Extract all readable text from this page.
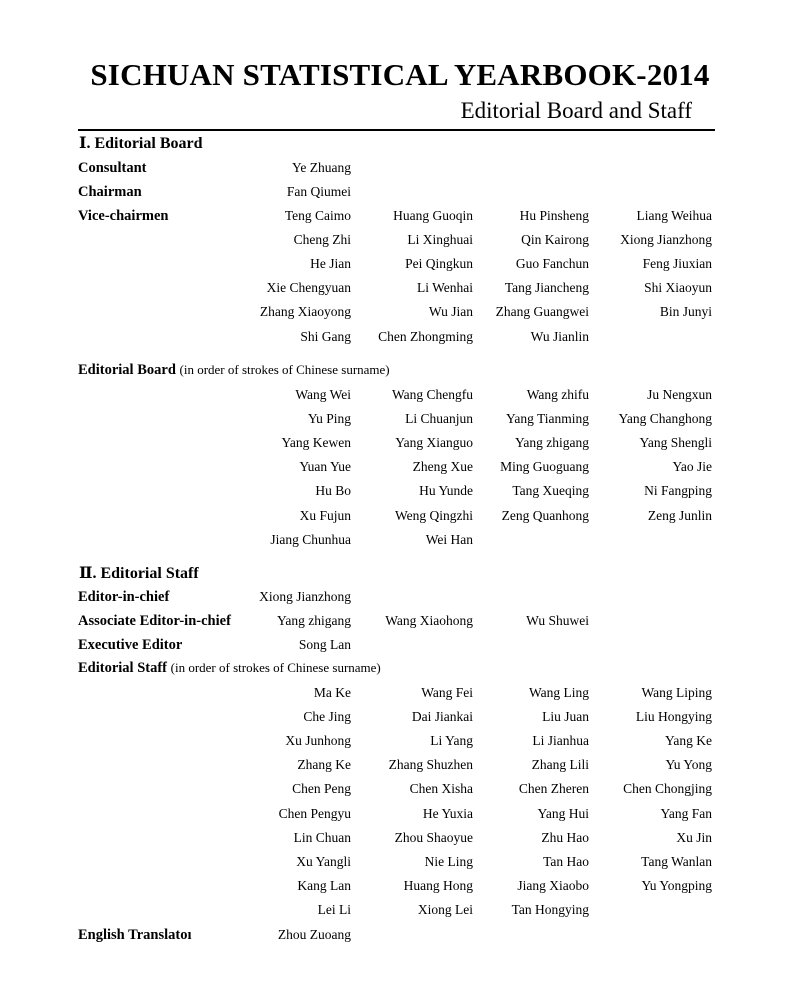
SICHUAN STATISTICAL YEARBOOK-2014
Editorial Board and Staff
Ⅰ. Editorial Board
Consultant	Ye Zhuang
Chairman	Fan Qiumei
Vice-chairmen	Teng Caimo	Huang Guoqin	Hu Pinsheng	Liang Weihua
Cheng Zhi	Li Xinghuai	Qin Kairong	Xiong Jianzhong
He Jian	Pei Qingkun	Guo Fanchun	Feng Jiuxian
Xie Chengyuan	Li Wenhai	Tang Jiancheng	Shi Xiaoyun
Zhang Xiaoyong	Wu Jian	Zhang Guangwei	Bin Junyi
Shi Gang	Chen Zhongming	Wu Jianlin
Editorial Board (in order of strokes of Chinese surname)
Wang Wei	Wang Chengfu	Wang zhifu	Ju Nengxun
Yu Ping	Li Chuanjun	Yang Tianming	Yang Changhong
Yang Kewen	Yang Xianguo	Yang zhigang	Yang Shengli
Yuan Yue	Zheng Xue	Ming Guoguang	Yao Jie
Hu Bo	Hu Yunde	Tang Xueqing	Ni Fangping
Xu Fujun	Weng Qingzhi	Zeng Quanhong	Zeng Junlin
Jiang Chunhua	Wei Han
Ⅱ. Editorial Staff
Editor-in-chief	Xiong Jianzhong
Associate Editor-in-chief	Yang zhigang	Wang Xiaohong	Wu Shuwei
Executive Editor	Song Lan
Editorial Staff (in order of strokes of Chinese surname)
Ma Ke	Wang Fei	Wang Ling	Wang Liping
Che Jing	Dai Jiankai	Liu Juan	Liu Hongying
Xu Junhong	Li Yang	Li Jianhua	Yang Ke
Zhang Ke	Zhang Shuzhen	Zhang Lili	Yu Yong
Chen Peng	Chen Xisha	Chen Zheren	Chen Chongjing
Chen Pengyu	He Yuxia	Yang Hui	Yang Fan
Lin Chuan	Zhou Shaoyue	Zhu Hao	Xu Jin
Xu Yangli	Nie Ling	Tan Hao	Tang Wanlan
Kang Lan	Huang Hong	Jiang Xiaobo	Yu Yongping
Lei Li	Xiong Lei	Tan Hongying
English Translatoı	Zhou Zuoang
